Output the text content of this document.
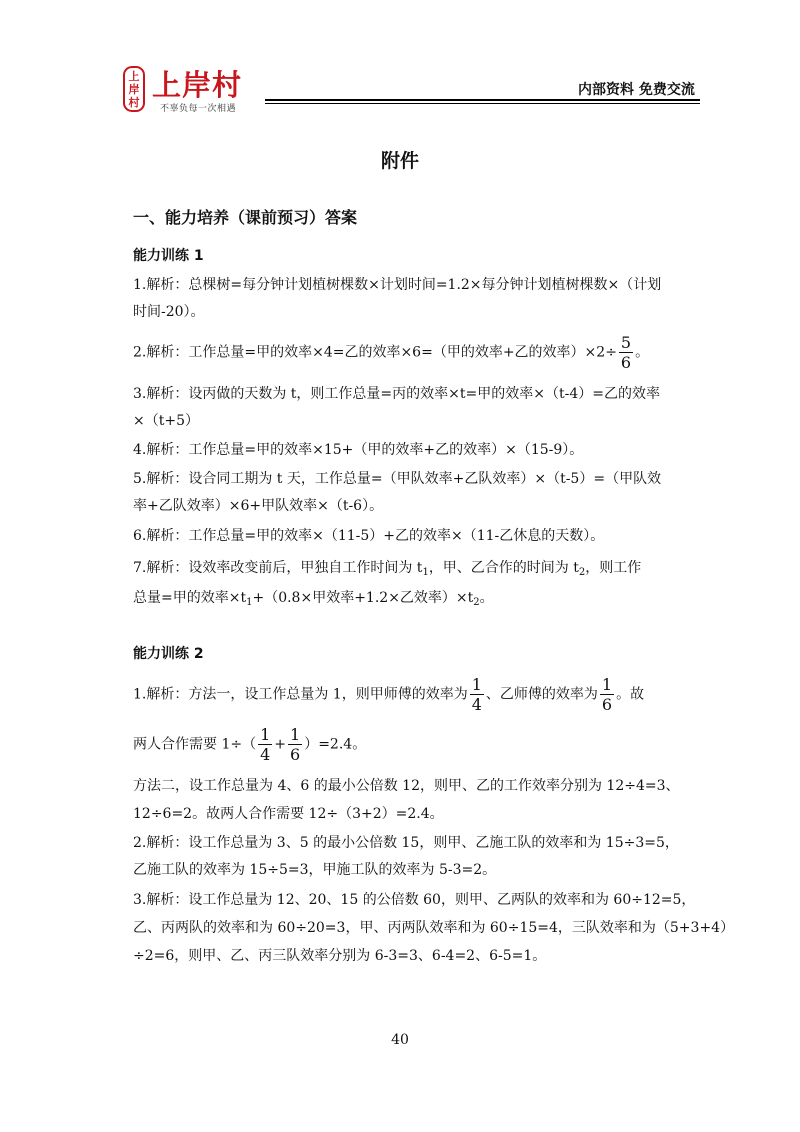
上岸村 上岸村
不辜负每一次相遇
内部资料 免费交流
附件
一、能力培养（课前预习）答案
能力训练 1
1.解析：总棵树=每分钟计划植树棵数×计划时间=1.2×每分钟计划植树棵数×（计划
时间-20）。
2.解析：工作总量=甲的效率×4=乙的效率×6=（甲的效率+乙的效率）$\times 2\div \frac{5}{6}$ 。
3.解析：设丙做的天数为 t，则工作总量=丙的效率×t=甲的效率×（t-4）=乙的效率
×（t+5）
4.解析：工作总量=甲的效率×15+（甲的效率+乙的效率）×（15-9）。
5.解析：设合同工期为 t 天，工作总量=（甲队效率+乙队效率）×（t-5）=（甲队效
率+乙队效率）×6+甲队效率×（t-6）。
6.解析：工作总量=甲的效率×（11-5）+乙的效率×（11-乙休息的天数）。
7.解析：设效率改变前后，甲独自工作时间为 $t_1$，甲、乙合作的时间为 $t_2$，则工作
总量=甲的效率$\times t_1+(0.8\times$甲效率+1.2×乙效率）$\times t_2$。
能力训练 2
1.解析：方法一，设工作总量为 1，则甲师傅的效率为 $\frac{1}{4}$ 、乙师傅的效率为 $\frac{1}{6}$ 。故
两人合作需要 $1\div( \frac{1}{4} + \frac{1}{6} )=2.4$。
方法二，设工作总量为 4、6 的最小公倍数 12，则甲、乙的工作效率分别为 12÷4=3、
12÷6=2。故两人合作需要 12÷（3+2）=2.4。
2.解析：设工作总量为 3、5 的最小公倍数 15，则甲、乙施工队的效率和为 15÷3=5，
乙施工队的效率为 15÷5=3，甲施工队的效率为 5-3=2。
3.解析：设工作总量为 12、20、15 的公倍数 60，则甲、乙两队的效率和为 60÷12=5，
乙、丙两队的效率和为 60÷20=3，甲、丙两队效率和为 60÷15=4，三队效率和为（5+3+4）
÷2=6，则甲、乙、丙三队效率分别为 6-3=3、6-4=2、6-5=1。
40
